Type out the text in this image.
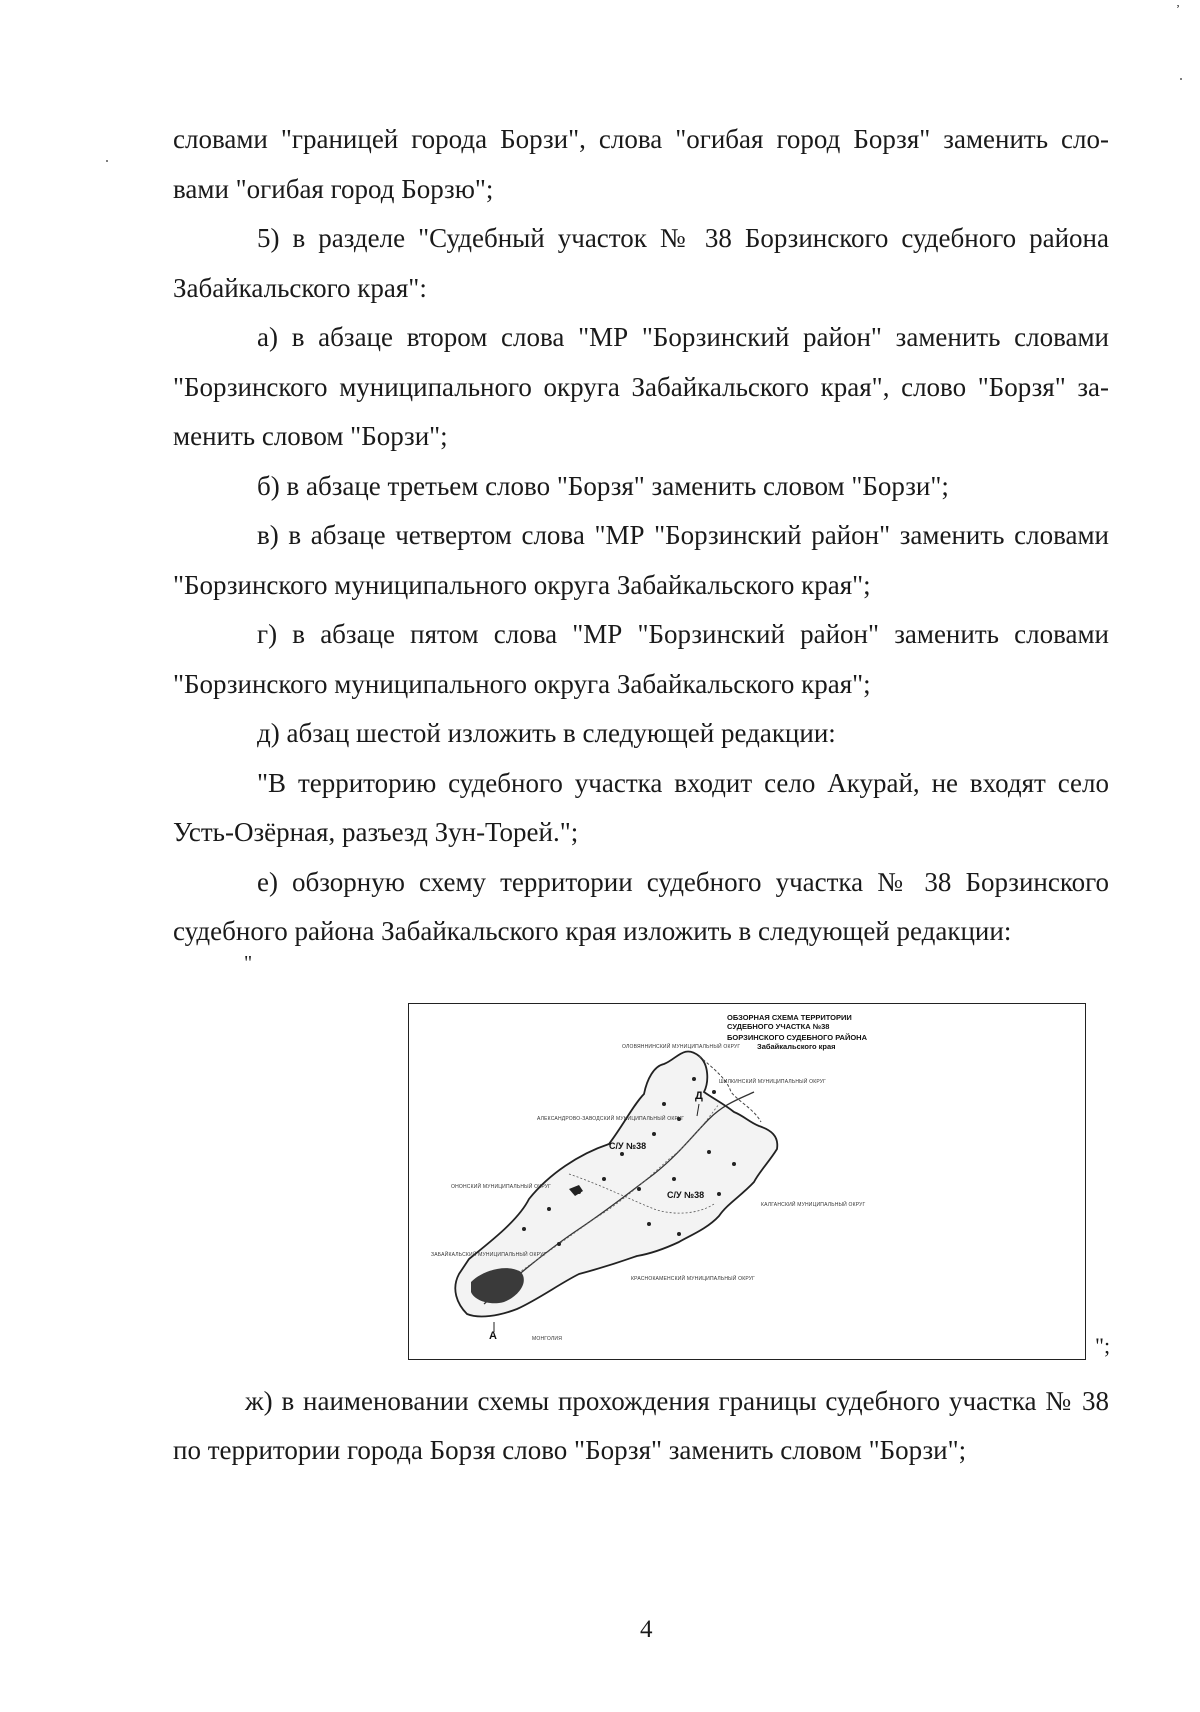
ʼ
словами "границей города Борзи", слова "огибая город Борзя" заменить сло-
вами "огибая город Борзю";
5) в разделе "Судебный участок № 38 Борзинского судебного района
Забайкальского края":
а) в абзаце втором слова "МР "Борзинский район" заменить словами
"Борзинского муниципального округа Забайкальского края", слово "Борзя" за-
менить словом "Борзи";
б) в абзаце третьем слово "Борзя" заменить словом "Борзи";
в) в абзаце четвертом слова "МР "Борзинский район" заменить словами
"Борзинского муниципального округа Забайкальского края";
г) в абзаце пятом слова "МР "Борзинский район" заменить словами
"Борзинского муниципального округа Забайкальского края";
д) абзац шестой изложить в следующей редакции:
"В территорию судебного участка входит село Акурай, не входят село
Усть-Озёрная, разъезд Зун-Торей.";
е) обзорную схему территории судебного участка № 38 Борзинского
судебного района Забайкальского края изложить в следующей редакции:
"
ОБЗОРНАЯ СХЕМА ТЕРРИТОРИИ
СУДЕБНОГО УЧАСТКА №38
БОРЗИНСКОГО СУДЕБНОГО РАЙОНА
Забайкальского края
ОЛОВЯННИНСКИЙ МУНИЦИПАЛЬНЫЙ ОКРУГ
ШИЛКИНСКИЙ МУНИЦИПАЛЬНЫЙ ОКРУГ
АЛЕКСАНДРОВО-ЗАВОДСКИЙ МУНИЦИПАЛЬНЫЙ ОКРУГ
ОНОНСКИЙ МУНИЦИПАЛЬНЫЙ ОКРУГ
КАЛГАНСКИЙ МУНИЦИПАЛЬНЫЙ ОКРУГ
ЗАБАЙКАЛЬСКИЙ МУНИЦИПАЛЬНЫЙ ОКРУГ
КРАСНОКАМЕНСКИЙ МУНИЦИПАЛЬНЫЙ ОКРУГ
МОНГОЛИЯ
С/У №38
С/У №38
Д
А	";
ж) в наименовании схемы прохождения границы судебного участка № 38
по территории города Борзя слово "Борзя" заменить словом "Борзи";
4
